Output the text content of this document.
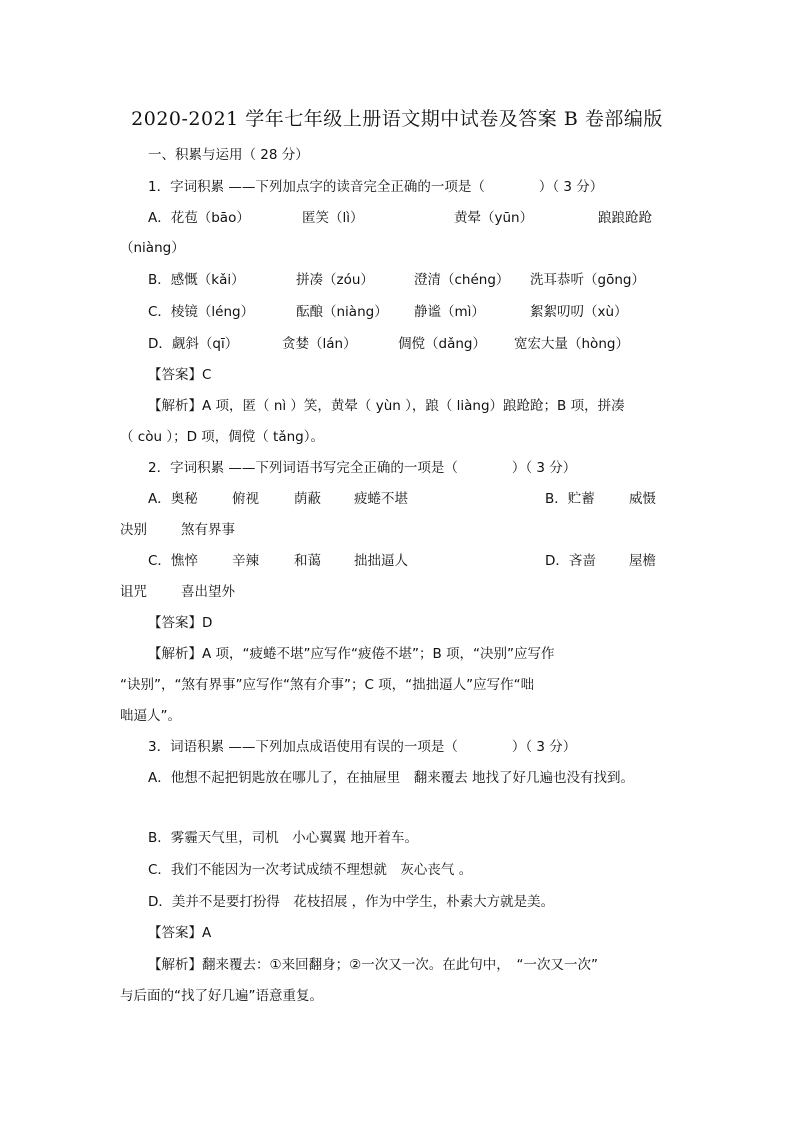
2020-2021 学年七年级上册语文期中试卷及答案 B 卷部编版
一、积累与运用（ 28 分）
1．字词积累 ——下列加点字的读音完全正确的一项是（　　　　）（ 3 分）
A．花苞（bāo）	匿笑（lì）	黄晕（yūn）	踉踉跄跄
（niàng）
B．感慨（kǎi）	拼凑（zóu）	澄清（chéng） 洗耳恭听（gōng）
C．棱镜（léng）	酝酿（niàng） 静谧（mì）	絮絮叨叨（xù）
D．觑斜（qī）	贪婪（lán）	倜傥（dǎng） 宽宏大量（hòng）
【答案】C
【解析】A 项，匿（ nì ）笑，黄晕（ yùn ），踉（ liàng）踉跄跄；B 项，拼凑
（ còu ）；D 项，倜傥（ tǎng）。
2．字词积累 ——下列词语书写完全正确的一项是（　　　　）（ 3 分）
A．奥秘	俯视	荫蔽 疲蜷不堪	B．贮蓄	威慑
决别	煞有界事
C．憔悴	辛辣	和蔼 拙拙逼人	D．吝啬 屋檐
诅咒	喜出望外
【答案】D
【解析】A 项，“疲蜷不堪”应写作“疲倦不堪”；B 项，“决别”应写作
“诀别”，“煞有界事”应写作“煞有介事”；C 项，“拙拙逼人”应写作“咄
咄逼人”。
3．词语积累 ——下列加点成语使用有误的一项是（　　　　）（ 3 分）
A．他想不起把钥匙放在哪儿了，在抽屉里　翻来覆去 地找了好几遍也没有找到。
B．雾霾天气里，司机　小心翼翼 地开着车。
C．我们不能因为一次考试成绩不理想就　灰心丧气 。
D．美并不是要打扮得　花枝招展 ，作为中学生，朴素大方就是美。
【答案】A
【解析】翻来覆去：①来回翻身；②一次又一次。在此句中，　“一次又一次”
与后面的“找了好几遍”语意重复。
